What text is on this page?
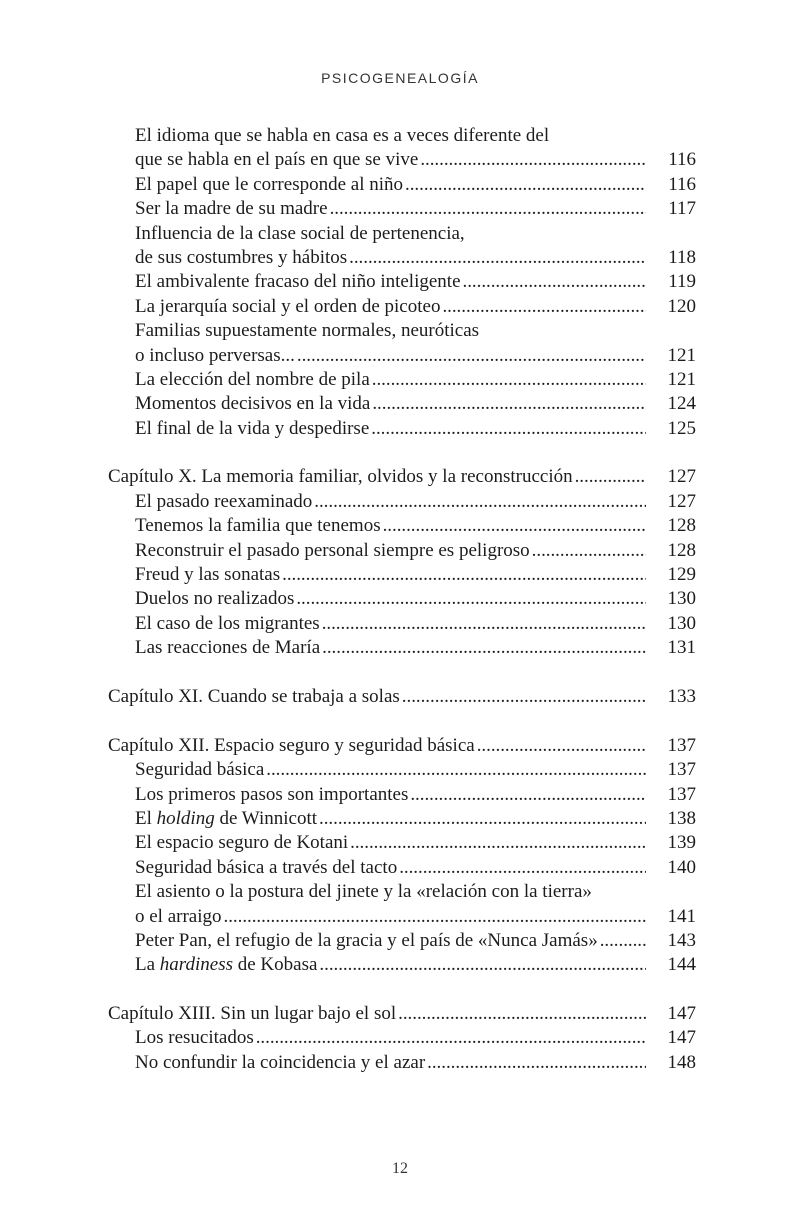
PSICOGENEALOGÍA
El idioma que se habla en casa es a veces diferente del
que se habla en el país en que se vive . . .	116
El papel que le corresponde al niño . . .	116
Ser la madre de su madre . . .	117
Influencia de la clase social de pertenencia,
de sus costumbres y hábitos . . .	118
El ambivalente fracaso del niño inteligente . . .	119
La jerarquía social y el orden de picoteo . . .	120
Familias supuestamente normales, neuróticas
o incluso perversas... . . .	121
La elección del nombre de pila . . .	121
Momentos decisivos en la vida . . .	124
El final de la vida y despedirse . . .	125
Capítulo X. La memoria familiar, olvidos y la reconstrucción . . .	127
El pasado reexaminado . . .	127
Tenemos la familia que tenemos . . .	128
Reconstruir el pasado personal siempre es peligroso . . .	128
Freud y las sonatas . . .	129
Duelos no realizados . . .	130
El caso de los migrantes . . .	130
Las reacciones de María . . .	131
Capítulo XI. Cuando se trabaja a solas . . .	133
Capítulo XII. Espacio seguro y seguridad básica . . .	137
Seguridad básica . . .	137
Los primeros pasos son importantes . . .	137
El holding de Winnicott . . .	138
El espacio seguro de Kotani . . .	139
Seguridad básica a través del tacto . . .	140
El asiento o la postura del jinete y la «relación con la tierra»
o el arraigo . . .	141
Peter Pan, el refugio de la gracia y el país de «Nunca Jamás» . . .	143
La hardiness de Kobasa . . .	144
Capítulo XIII. Sin un lugar bajo el sol . . .	147
Los resucitados . . .	147
No confundir la coincidencia y el azar . . .	148
12
